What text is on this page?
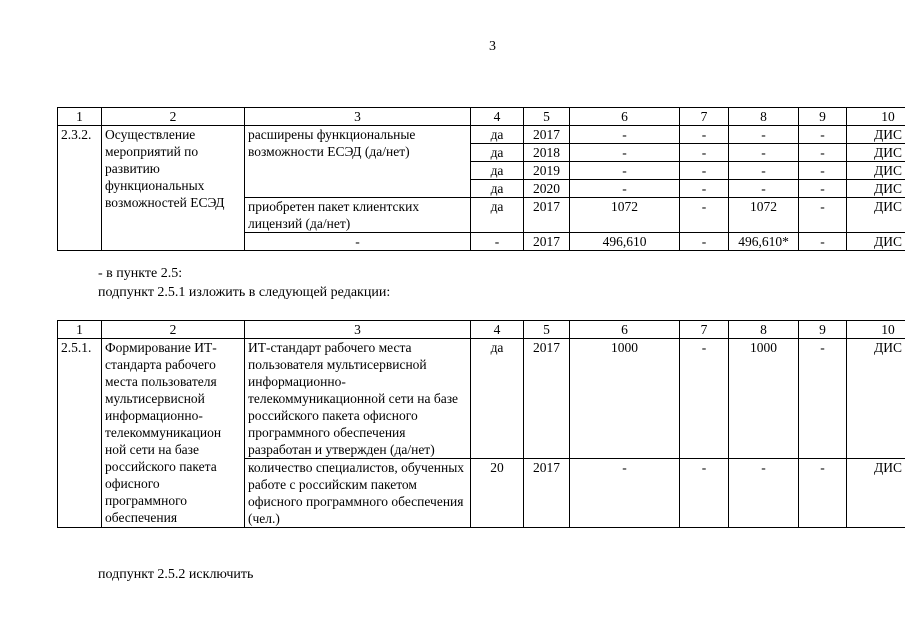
3
1	2	3	4	5	6	7	8	9	10
2.3.2.	Осуществление мероприятий по развитию функциональных возможностей ЕСЭД	расширены функциональные возможности ЕСЭД (да/нет)	да	2017	-	-	-	-	ДИС
			да	2018	-	-	-	-	ДИС
			да	2019	-	-	-	-	ДИС
			да	2020	-	-	-	-	ДИС
		приобретен пакет клиентских лицензий (да/нет)	да	2017	1072	-	1072	-	ДИС
		-	-	2017	496,610	-	496,610*	-	ДИС
- в пункте 2.5:
подпункт 2.5.1 изложить в следующей редакции:
1	2	3	4	5	6	7	8	9	10
2.5.1.	Формирование ИТ-стандарта рабочего места пользователя мультисервисной информационно-телекоммуникацион ной сети на базе российского пакета офисного программного обеспечения	ИТ-стандарт рабочего места пользователя мультисервисной информационно-телекоммуникационной сети на базе российского пакета офисного программного обеспечения разработан и утвержден (да/нет)	да	2017	1000	-	1000	-	ДИС
		количество специалистов, обученных работе с российским пакетом офисного программного обеспечения (чел.)	20	2017	-	-	-	-	ДИС
подпункт 2.5.2 исключить
